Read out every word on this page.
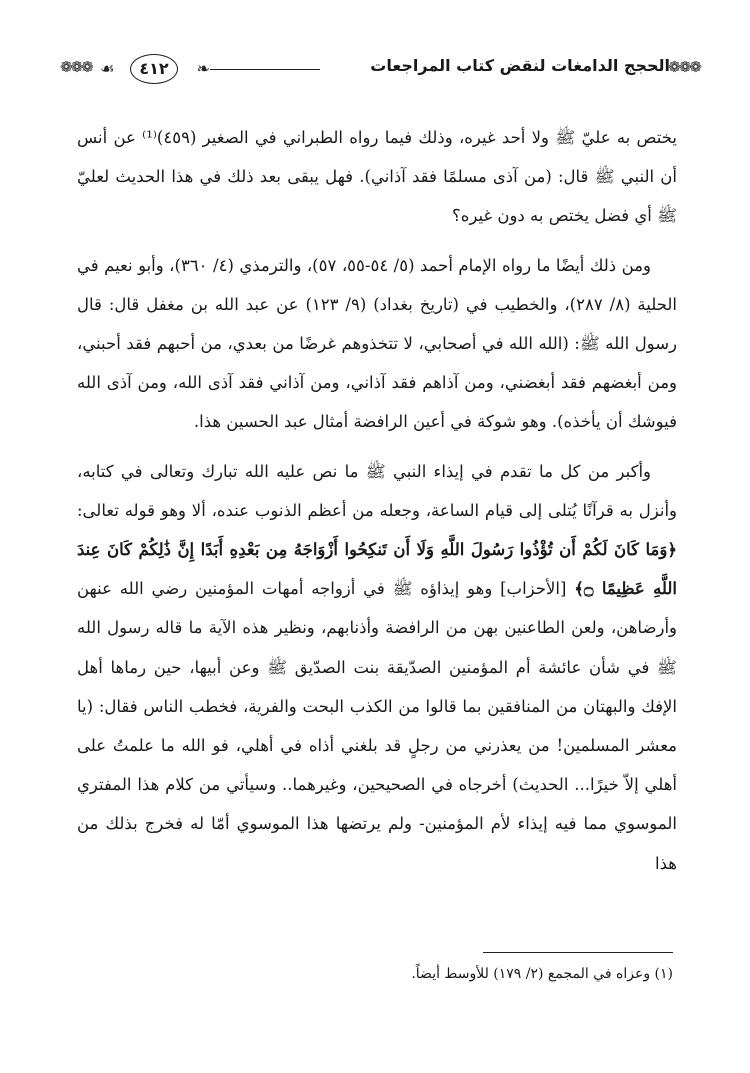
❁❁❁
الحجج الدامغات لنقض كتاب المراجعات
❧
٤١٢
☙
❁❁❁

يختص به عليّ ﷺ ولا أحد غيره، وذلك فيما رواه الطبراني في الصغير (٤٥٩)⁽¹⁾ عن أنس أن النبي ﷺ قال: (من آذى مسلمًا فقد آذاني). فهل يبقى بعد ذلك في هذا الحديث لعليّ ﷺ أي فضل يختص به دون غيره؟

ومن ذلك أيضًا ما رواه الإمام أحمد (٥/ ٥٤-٥٥، ٥٧)، والترمذي (٤/ ٣٦٠)، وأبو نعيم في الحلية (٨/ ٢٨٧)، والخطيب في (تاريخ بغداد) (٩/ ١٢٣) عن عبد الله بن مغفل قال: قال رسول الله ﷺ: (الله الله في أصحابي، لا تتخذوهم غرضًا من بعدي، من أحبهم فقد أحبني، ومن أبغضهم فقد أبغضني، ومن آذاهم فقد آذاني، ومن آذاني فقد آذى الله، ومن آذى الله فيوشك أن يأخذه). وهو شوكة في أعين الرافضة أمثال عبد الحسين هذا.

وأكبر من كل ما تقدم في إيذاء النبي ﷺ ما نص عليه الله تبارك وتعالى في كتابه، وأنزل به قرآنًا يُتلى إلى قيام الساعة، وجعله من أعظم الذنوب عنده، ألا وهو قوله تعالى: ﴿وَمَا كَانَ لَكُمْ أَن تُؤْذُوا رَسُولَ اللَّهِ وَلَا أَن تَنكِحُوا أَزْوَاجَهُ مِن بَعْدِهِ أَبَدًا إِنَّ ذَٰلِكُمْ كَانَ عِندَ اللَّهِ عَظِيمًا ۝﴾ [الأحزاب] وهو إيذاؤه ﷺ في أزواجه أمهات المؤمنين رضي الله عنهن وأرضاهن، ولعن الطاعنين بهن من الرافضة وأذنابهم، ونظير هذه الآية ما قاله رسول الله ﷺ في شأن عائشة أم المؤمنين الصدّيقة بنت الصدّيق ﷺ وعن أبيها، حين رماها أهل الإفك والبهتان من المنافقين بما قالوا من الكذب البحت والفرية، فخطب الناس فقال: (يا معشر المسلمين! من يعذرني من رجلٍ قد بلغني أذاه في أهلي، فو الله ما علمتُ على أهلي إلاّ خيرًا... الحديث) أخرجاه في الصحيحين، وغيرهما.. وسيأتي من كلام هذا المفتري الموسوي مما فيه إيذاء لأم المؤمنين- ولم يرتضها هذا الموسوي أمّا له فخرج بذلك من هذا

(١) وعزاه في المجمع (٢/ ١٧٩) للأوسط أيضاً.
